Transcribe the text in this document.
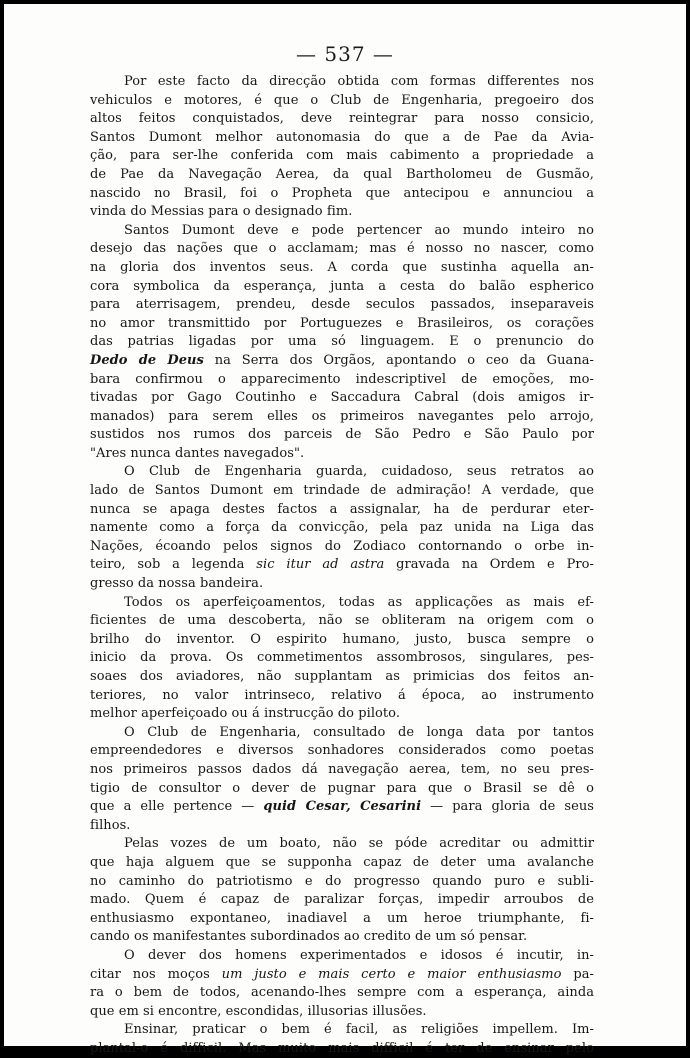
— 537 —
Por este facto da direcção obtida com formas differentes nos
vehiculos e motores, é que o Club de Engenharia, pregoeiro dos
altos feitos conquistados, deve reintegrar para nosso consicio,
Santos Dumont melhor autonomasia do que a de Pae da Avia-
ção, para ser-lhe conferida com mais cabimento a propriedade a
de Pae da Navegação Aerea, da qual Bartholomeu de Gusmão,
nascido no Brasil, foi o Propheta que antecipou e annunciou a
vinda do Messias para o designado fim.
Santos Dumont deve e pode pertencer ao mundo inteiro no
desejo das nações que o acclamam; mas é nosso no nascer, como
na gloria dos inventos seus. A corda que sustinha aquella an-
cora symbolica da esperança, junta a cesta do balão espherico
para aterrisagem, prendeu, desde seculos passados, inseparaveis
no amor transmittido por Portuguezes e Brasileiros, os corações
das patrias ligadas por uma só linguagem. E o prenuncio do
Dedo de Deus na Serra dos Orgãos, apontando o ceo da Guana-
bara confirmou o apparecimento indescriptivel de emoções, mo-
tivadas por Gago Coutinho e Saccadura Cabral (dois amigos ir-
manados) para serem elles os primeiros navegantes pelo arrojo,
sustidos nos rumos dos parceis de São Pedro e São Paulo por
"Ares nunca dantes navegados".
O Club de Engenharia guarda, cuidadoso, seus retratos ao
lado de Santos Dumont em trindade de admiração! A verdade, que
nunca se apaga destes factos a assignalar, ha de perdurar eter-
namente como a força da convicção, pela paz unida na Liga das
Nações, écoando pelos signos do Zodiaco contornando o orbe in-
teiro, sob a legenda sic itur ad astra gravada na Ordem e Pro-
gresso da nossa bandeira.
Todos os aperfeiçoamentos, todas as applicações as mais ef-
ficientes de uma descoberta, não se obliteram na origem com o
brilho do inventor. O espirito humano, justo, busca sempre o
inicio da prova. Os commetimentos assombrosos, singulares, pes-
soaes dos aviadores, não supplantam as primicias dos feitos an-
teriores, no valor intrinseco, relativo á época, ao instrumento
melhor aperfeiçoado ou á instrucção do piloto.
O Club de Engenharia, consultado de longa data por tantos
empreendedores e diversos sonhadores considerados como poetas
nos primeiros passos dados dá navegação aerea, tem, no seu pres-
tigio de consultor o dever de pugnar para que o Brasil se dê o
que a elle pertence — quid Cesar, Cesarini — para gloria de seus
filhos.
Pelas vozes de um boato, não se póde acreditar ou admittir
que haja alguem que se supponha capaz de deter uma avalanche
no caminho do patriotismo e do progresso quando puro e subli-
mado. Quem é capaz de paralizar forças, impedir arroubos de
enthusiasmo expontaneo, inadiavel a um heroe triumphante, fi-
cando os manifestantes subordinados ao credito de um só pensar.
O dever dos homens experimentados e idosos é incutir, in-
citar nos moços um justo e mais certo e maior enthusiasmo pa-
ra o bem de todos, acenando-lhes sempre com a esperança, ainda
que em si encontre, escondidas, illusorias illusões.
Ensinar, praticar o bem é facil, as religiões impellem. Im-
plantal-o é difficil. Mas muito mais difficil é ter de ensinar pelo
